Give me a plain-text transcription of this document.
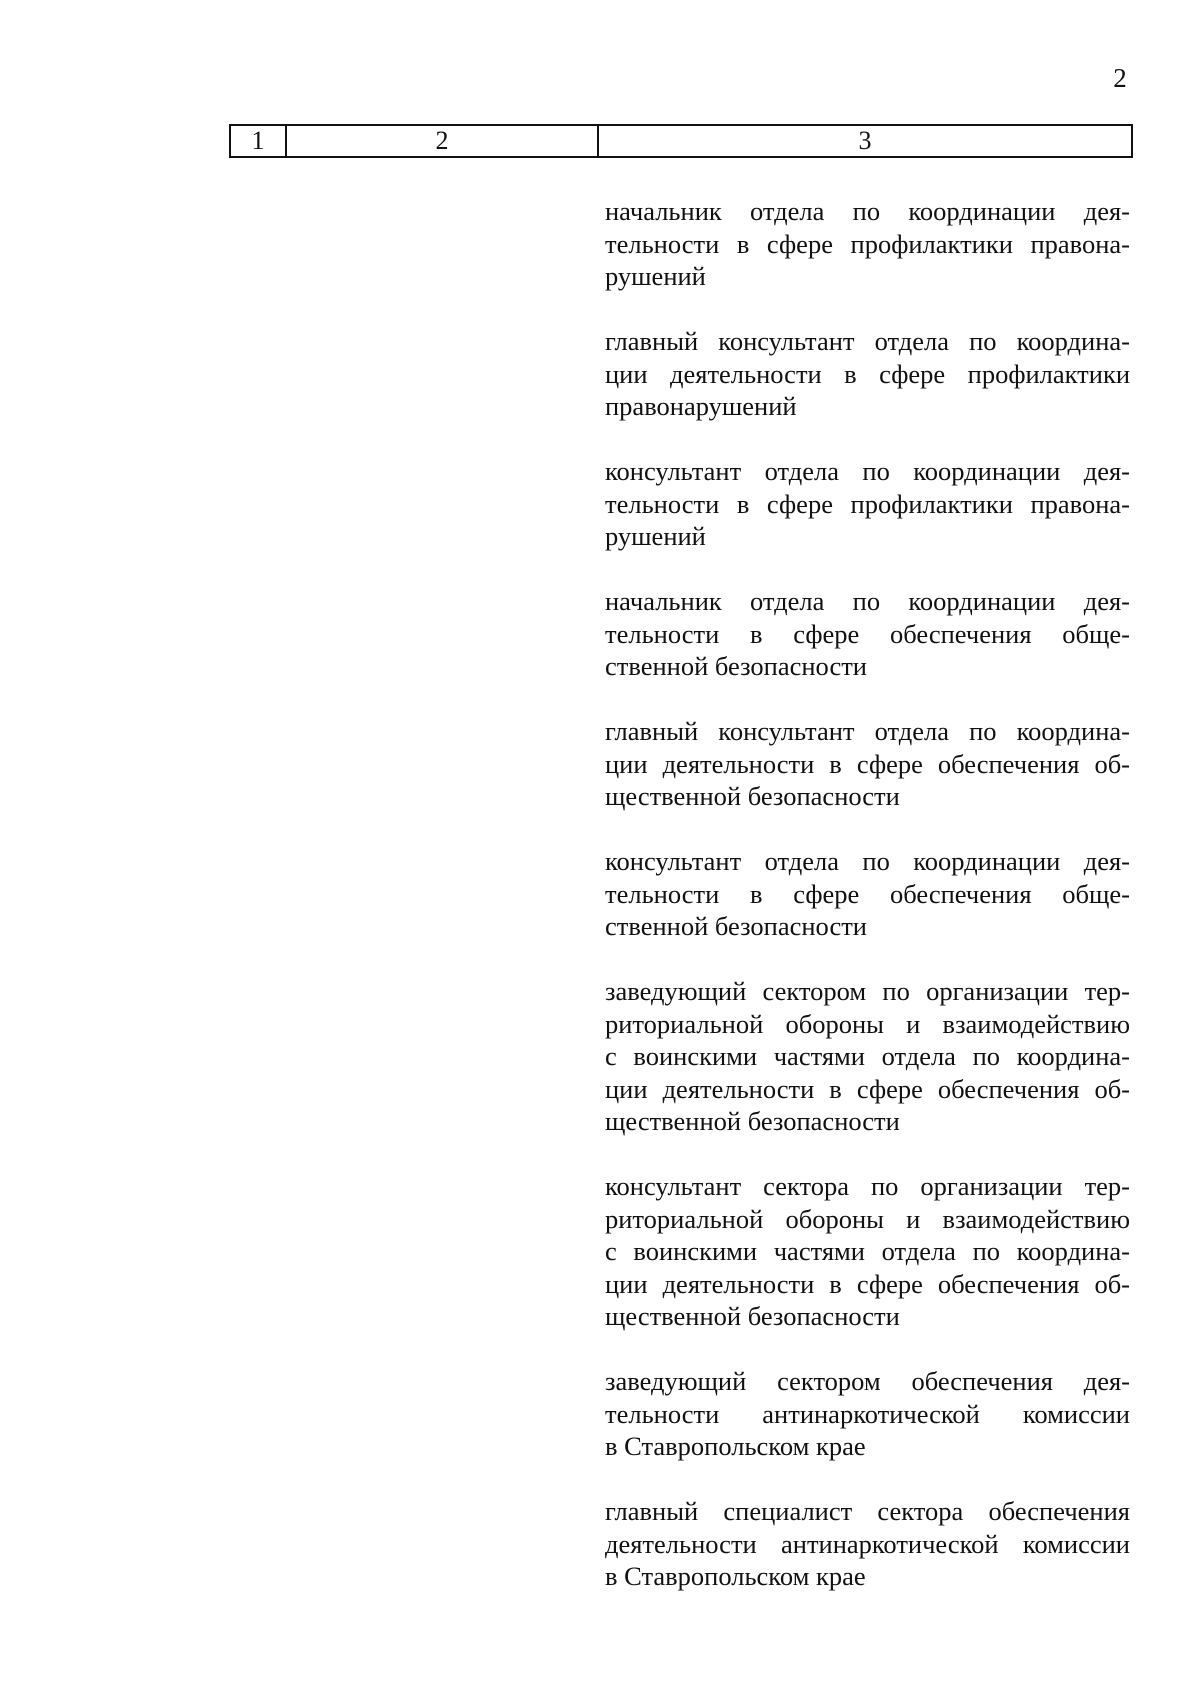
2
1	2	3
начальник отдела по координации дея-
тельности в сфере профилактики правона-
рушений
главный консультант отдела по координа-
ции деятельности в сфере профилактики
правонарушений
консультант отдела по координации дея-
тельности в сфере профилактики правона-
рушений
начальник отдела по координации дея-
тельности в сфере обеспечения обще-
ственной безопасности
главный консультант отдела по координа-
ции деятельности в сфере обеспечения об-
щественной безопасности
консультант отдела по координации дея-
тельности в сфере обеспечения обще-
ственной безопасности
заведующий сектором по организации тер-
риториальной обороны и взаимодействию
с воинскими частями отдела по координа-
ции деятельности в сфере обеспечения об-
щественной безопасности
консультант сектора по организации тер-
риториальной обороны и взаимодействию
с воинскими частями отдела по координа-
ции деятельности в сфере обеспечения об-
щественной безопасности
заведующий сектором обеспечения дея-
тельности антинаркотической комиссии
в Ставропольском крае
главный специалист сектора обеспечения
деятельности антинаркотической комиссии
в Ставропольском крае
